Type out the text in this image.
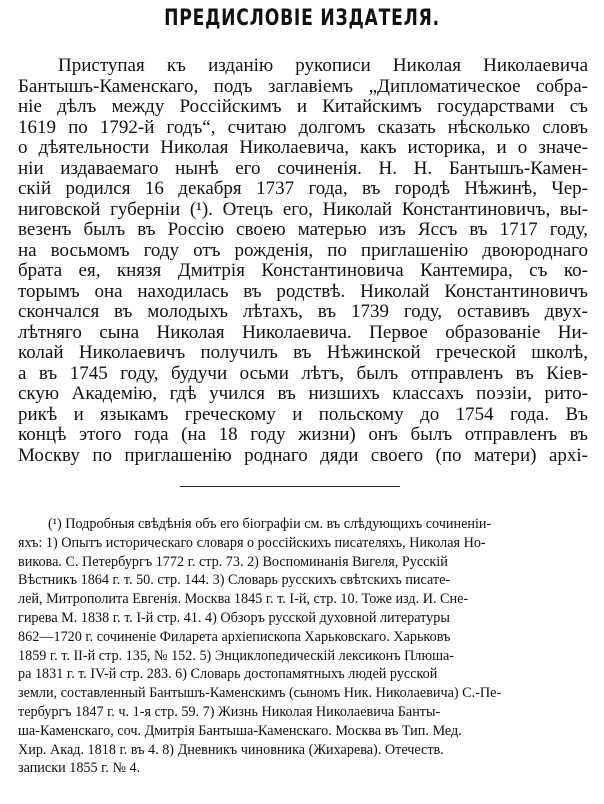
ПРЕДИСЛОВІЕ ИЗДАТЕЛЯ.
Приступая къ изданію рукописи Николая Николаевича
Бантышъ-Каменскаго, подъ заглавіемъ „Дипломатическое собра-
ніе дѣлъ между Россійскимъ и Китайскимъ государствами съ
1619 по 1792-й годъ“, считаю долгомъ сказать нѣсколько словъ
о дѣятельности Николая Николаевича, какъ историка, и о значе-
ніи издаваемаго нынѣ его сочиненія. Н. Н. Бантышъ-Камен-
скій родился 16 декабря 1737 года, въ городѣ Нѣжинѣ, Чер-
ниговской губерніи (¹). Отецъ его, Николай Константиновичъ, вы-
везенъ былъ въ Россію своею матерью изъ Яссъ въ 1717 году,
на восьмомъ году отъ рожденія, по приглашенію двоюроднаго
брата ея, князя Дмитрія Константиновича Кантемира, съ ко-
торымъ она находилась въ родствѣ. Николай Константиновичъ
скончался въ молодыхъ лѣтахъ, въ 1739 году, оставивъ двух-
лѣтняго сына Николая Николаевича. Первое образованіе Ни-
колай Николаевичъ получилъ въ Нѣжинской греческой школѣ,
а въ 1745 году, будучи осьми лѣтъ, былъ отправленъ въ Кіев-
скую Академію, гдѣ учился въ низшихъ классахъ поэзіи, рито-
рикѣ и языкамъ греческому и польскому до 1754 года. Въ
концѣ этого года (на 18 году жизни) онъ былъ отправленъ въ
Москву по приглашенію роднаго дяди своего (по матери) архі-
(¹) Подробныя свѣдѣнія объ его біографіи см. въ слѣдующихъ сочиненіи-
яхъ: 1) Опытъ историческаго словаря о россійскихъ писателяхъ, Николая Но-
викова. С. Петербургъ 1772 г. стр. 73. 2) Воспоминанія Вигеля, Русскій
Вѣстникъ 1864 г. т. 50. стр. 144. 3) Словарь русскихъ свѣтскихъ писате-
лей, Митрополита Евгенія. Москва 1845 г. т. I-й, стр. 10. Тоже изд. И. Сне-
гирева М. 1838 г. т. I-й стр. 41. 4) Обзоръ русской духовной литературы
862—1720 г. сочиненіе Филарета архіепископа Харьковскаго. Харьковъ
1859 г. т. II-й стр. 135, № 152. 5) Энциклопедическій лексиконъ Плюшa-
ра 1831 г. т. IV-й стр. 283. 6) Словарь достопамятныхъ людей русской
земли, составленный Бантышъ-Каменскимъ (сыномъ Ник. Николаевича) С.-Пе-
тербургъ 1847 г. ч. 1-я стр. 59. 7) Жизнь Николая Николаевича Банты-
ша-Каменскаго, соч. Дмитрія Бантыша-Каменскаго. Москва въ Тип. Мед.
Хир. Акад. 1818 г. въ 4. 8) Дневникъ чиновника (Жихарева). Отечеств.
записки 1855 г. № 4.
